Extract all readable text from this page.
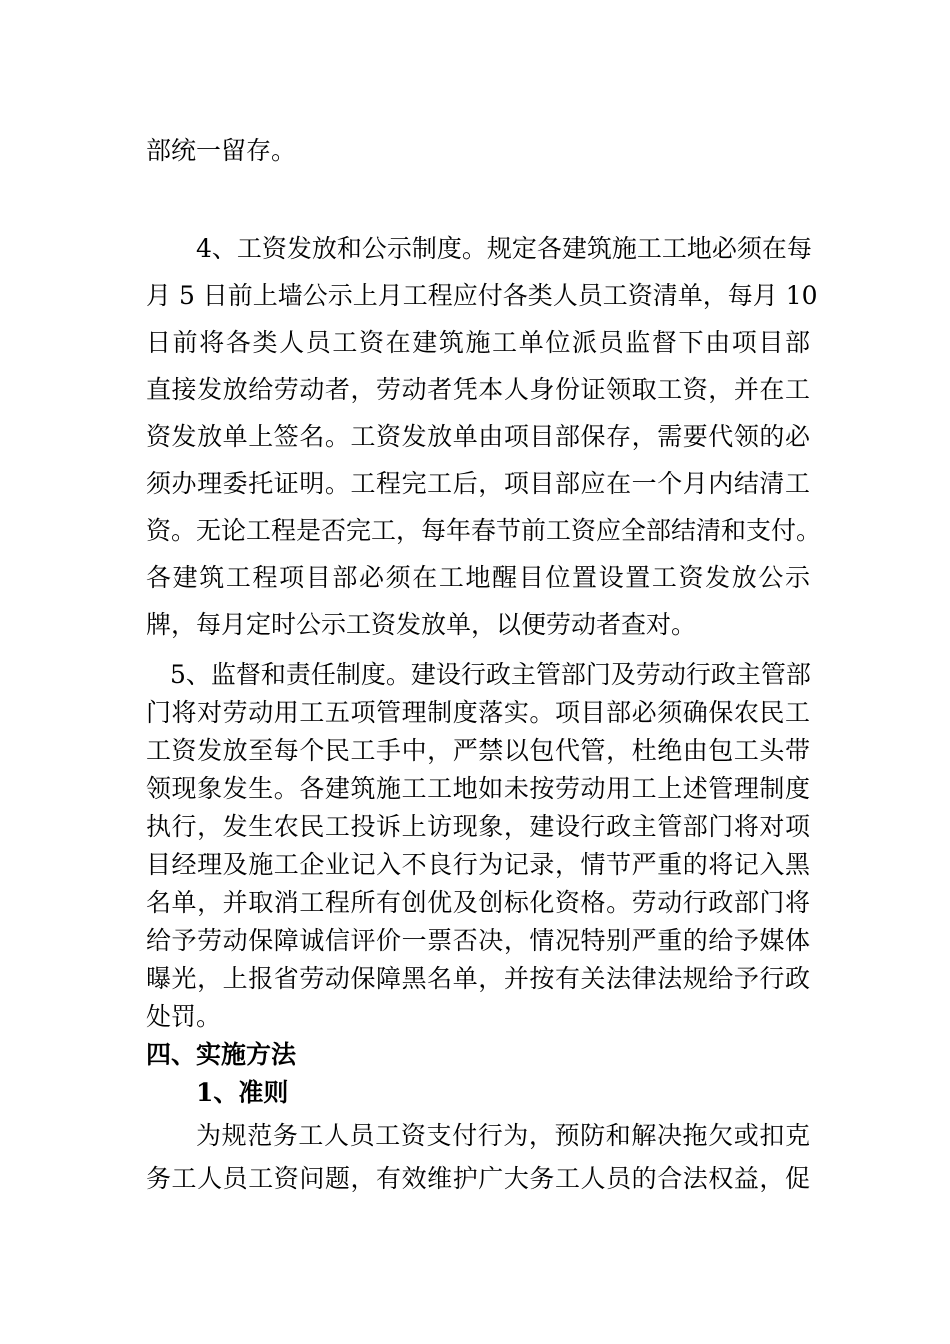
部统一留存。
4、工资发放和公示制度。规定各建筑施工工地必须在每
月 5 日前上墙公示上月工程应付各类人员工资清单，每月 10
日前将各类人员工资在建筑施工单位派员监督下由项目部
直接发放给劳动者，劳动者凭本人身份证领取工资，并在工
资发放单上签名。工资发放单由项目部保存，需要代领的必
须办理委托证明。工程完工后，项目部应在一个月内结清工
资。无论工程是否完工，每年春节前工资应全部结清和支付。
各建筑工程项目部必须在工地醒目位置设置工资发放公示
牌，每月定时公示工资发放单，以便劳动者查对。
5、监督和责任制度。建设行政主管部门及劳动行政主管部
门将对劳动用工五项管理制度落实。项目部必须确保农民工
工资发放至每个民工手中，严禁以包代管，杜绝由包工头带
领现象发生。各建筑施工工地如未按劳动用工上述管理制度
执行，发生农民工投诉上访现象，建设行政主管部门将对项
目经理及施工企业记入不良行为记录，情节严重的将记入黑
名单，并取消工程所有创优及创标化资格。劳动行政部门将
给予劳动保障诚信评价一票否决，情况特别严重的给予媒体
曝光，上报省劳动保障黑名单，并按有关法律法规给予行政
处罚。
四、实施方法
1、准则
为规范务工人员工资支付行为，预防和解决拖欠或扣克
务工人员工资问题，有效维护广大务工人员的合法权益，促
